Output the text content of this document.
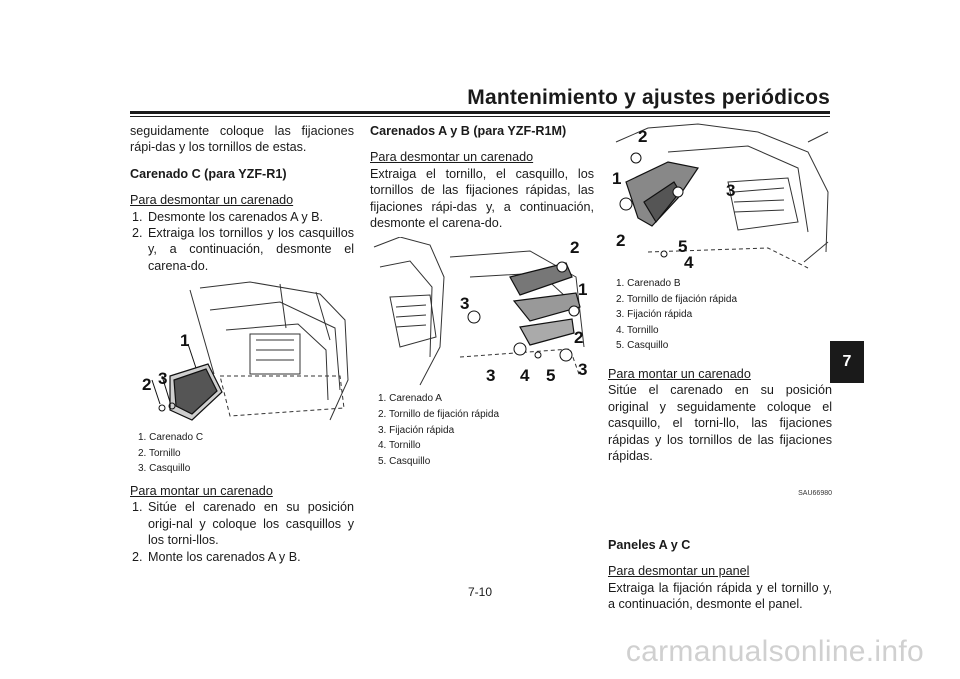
Mantenimiento y ajustes periódicos

seguidamente coloque las fijaciones rápi-das y los tornillos de estas.

Carenado C (para YZF-R1)

Para desmontar un carenado

1. Desmonte los carenados A y B.
2. Extraiga los tornillos y los casquillos y, a continuación, desmonte el carena-do.
1
2 3
1. Carenado C
2. Tornillo
3. Casquillo

Para montar un carenado

1. Sitúe el carenado en su posición origi-nal y coloque los casquillos y los torni-llos.
2. Monte los carenados A y B.

Carenados A y B (para YZF-R1M)

Para desmontar un carenado

Extraiga el tornillo, el casquillo, los tornillos de las fijaciones rápidas, las fijaciones rápi-das y, a continuación, desmonte el carena-do.

2
1
3
2
3 4 5 3
1. Carenado A
2. Tornillo de fijación rápida
3. Fijación rápida
4. Tornillo
5. Casquillo
2
1
3
2	5
4
1. Carenado B
2. Tornillo de fijación rápida
3. Fijación rápida
4. Tornillo
5. Casquillo

Para montar un carenado

Sitúe el carenado en su posición original y seguidamente coloque el casquillo, el torni-llo, las fijaciones rápidas y los tornillos de las fijaciones rápidas.

SAU66980

Paneles A y C

Para desmontar un panel

Extraiga la fijación rápida y el tornillo y, a continuación, desmonte el panel.

7
7-10
carmanualsonline.info
